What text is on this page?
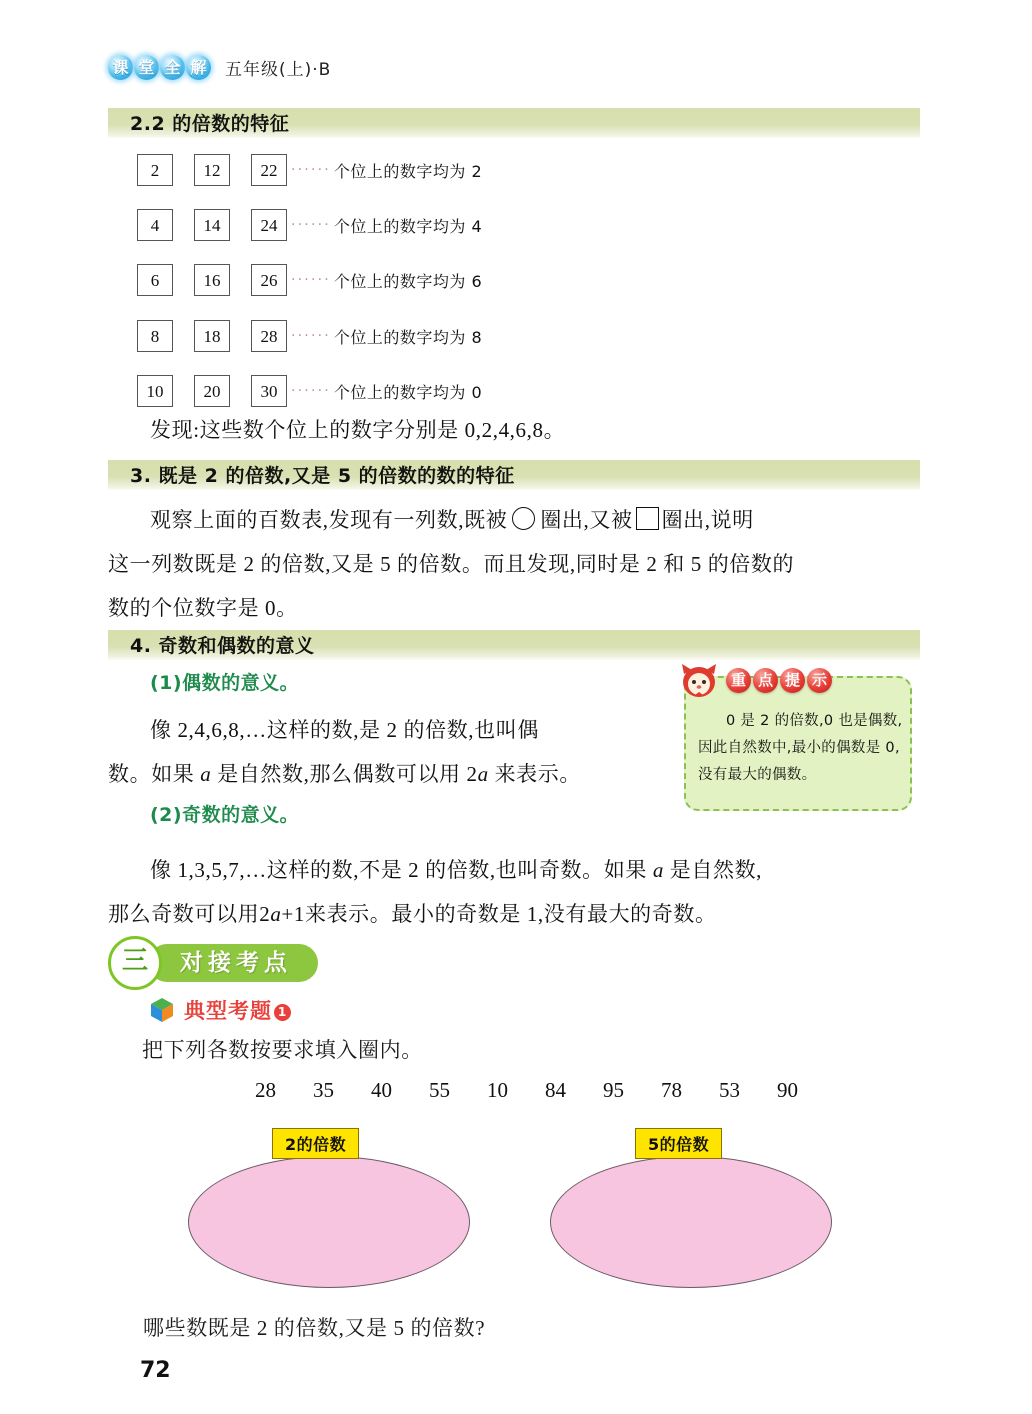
课 堂 全 解 五年级(上)·B
2.2 的倍数的特征
2	12	22 ······ 个位上的数字均为 2
4	14	24 ······ 个位上的数字均为 4
6	16	26 ······ 个位上的数字均为 6
8	18	28 ······ 个位上的数字均为 8
10	20	30 ······ 个位上的数字均为 0
发现:这些数个位上的数字分别是 0,2,4,6,8。
3. 既是 2 的倍数,又是 5 的倍数的数的特征
观察上面的百数表,发现有一列数,既被 圈出,又被 圈出,说明
这一列数既是 2 的倍数,又是 5 的倍数。而且发现,同时是 2 和 5 的倍数的
数的个位数字是 0。
4. 奇数和偶数的意义
(1)偶数的意义。
像 2,4,6,8,…这样的数,是 2 的倍数,也叫偶
数。如果 a 是自然数,那么偶数可以用 2a 来表示。
(2)奇数的意义。
像 1,3,5,7,…这样的数,不是 2 的倍数,也叫奇数。如果 a 是自然数,
那么奇数可以用2a+1来表示。最小的奇数是 1,没有最大的奇数。
重 点 提 示
0 是 2 的倍数,0 也是偶数,因此自然数中,最小的偶数是 0,没有最大的偶数。
三	对接考点
典型考题 1
把下列各数按要求填入圈内。
28 35 40 55 10 84 95 78 53 90
2的倍数	5的倍数
哪些数既是 2 的倍数,又是 5 的倍数?
72
